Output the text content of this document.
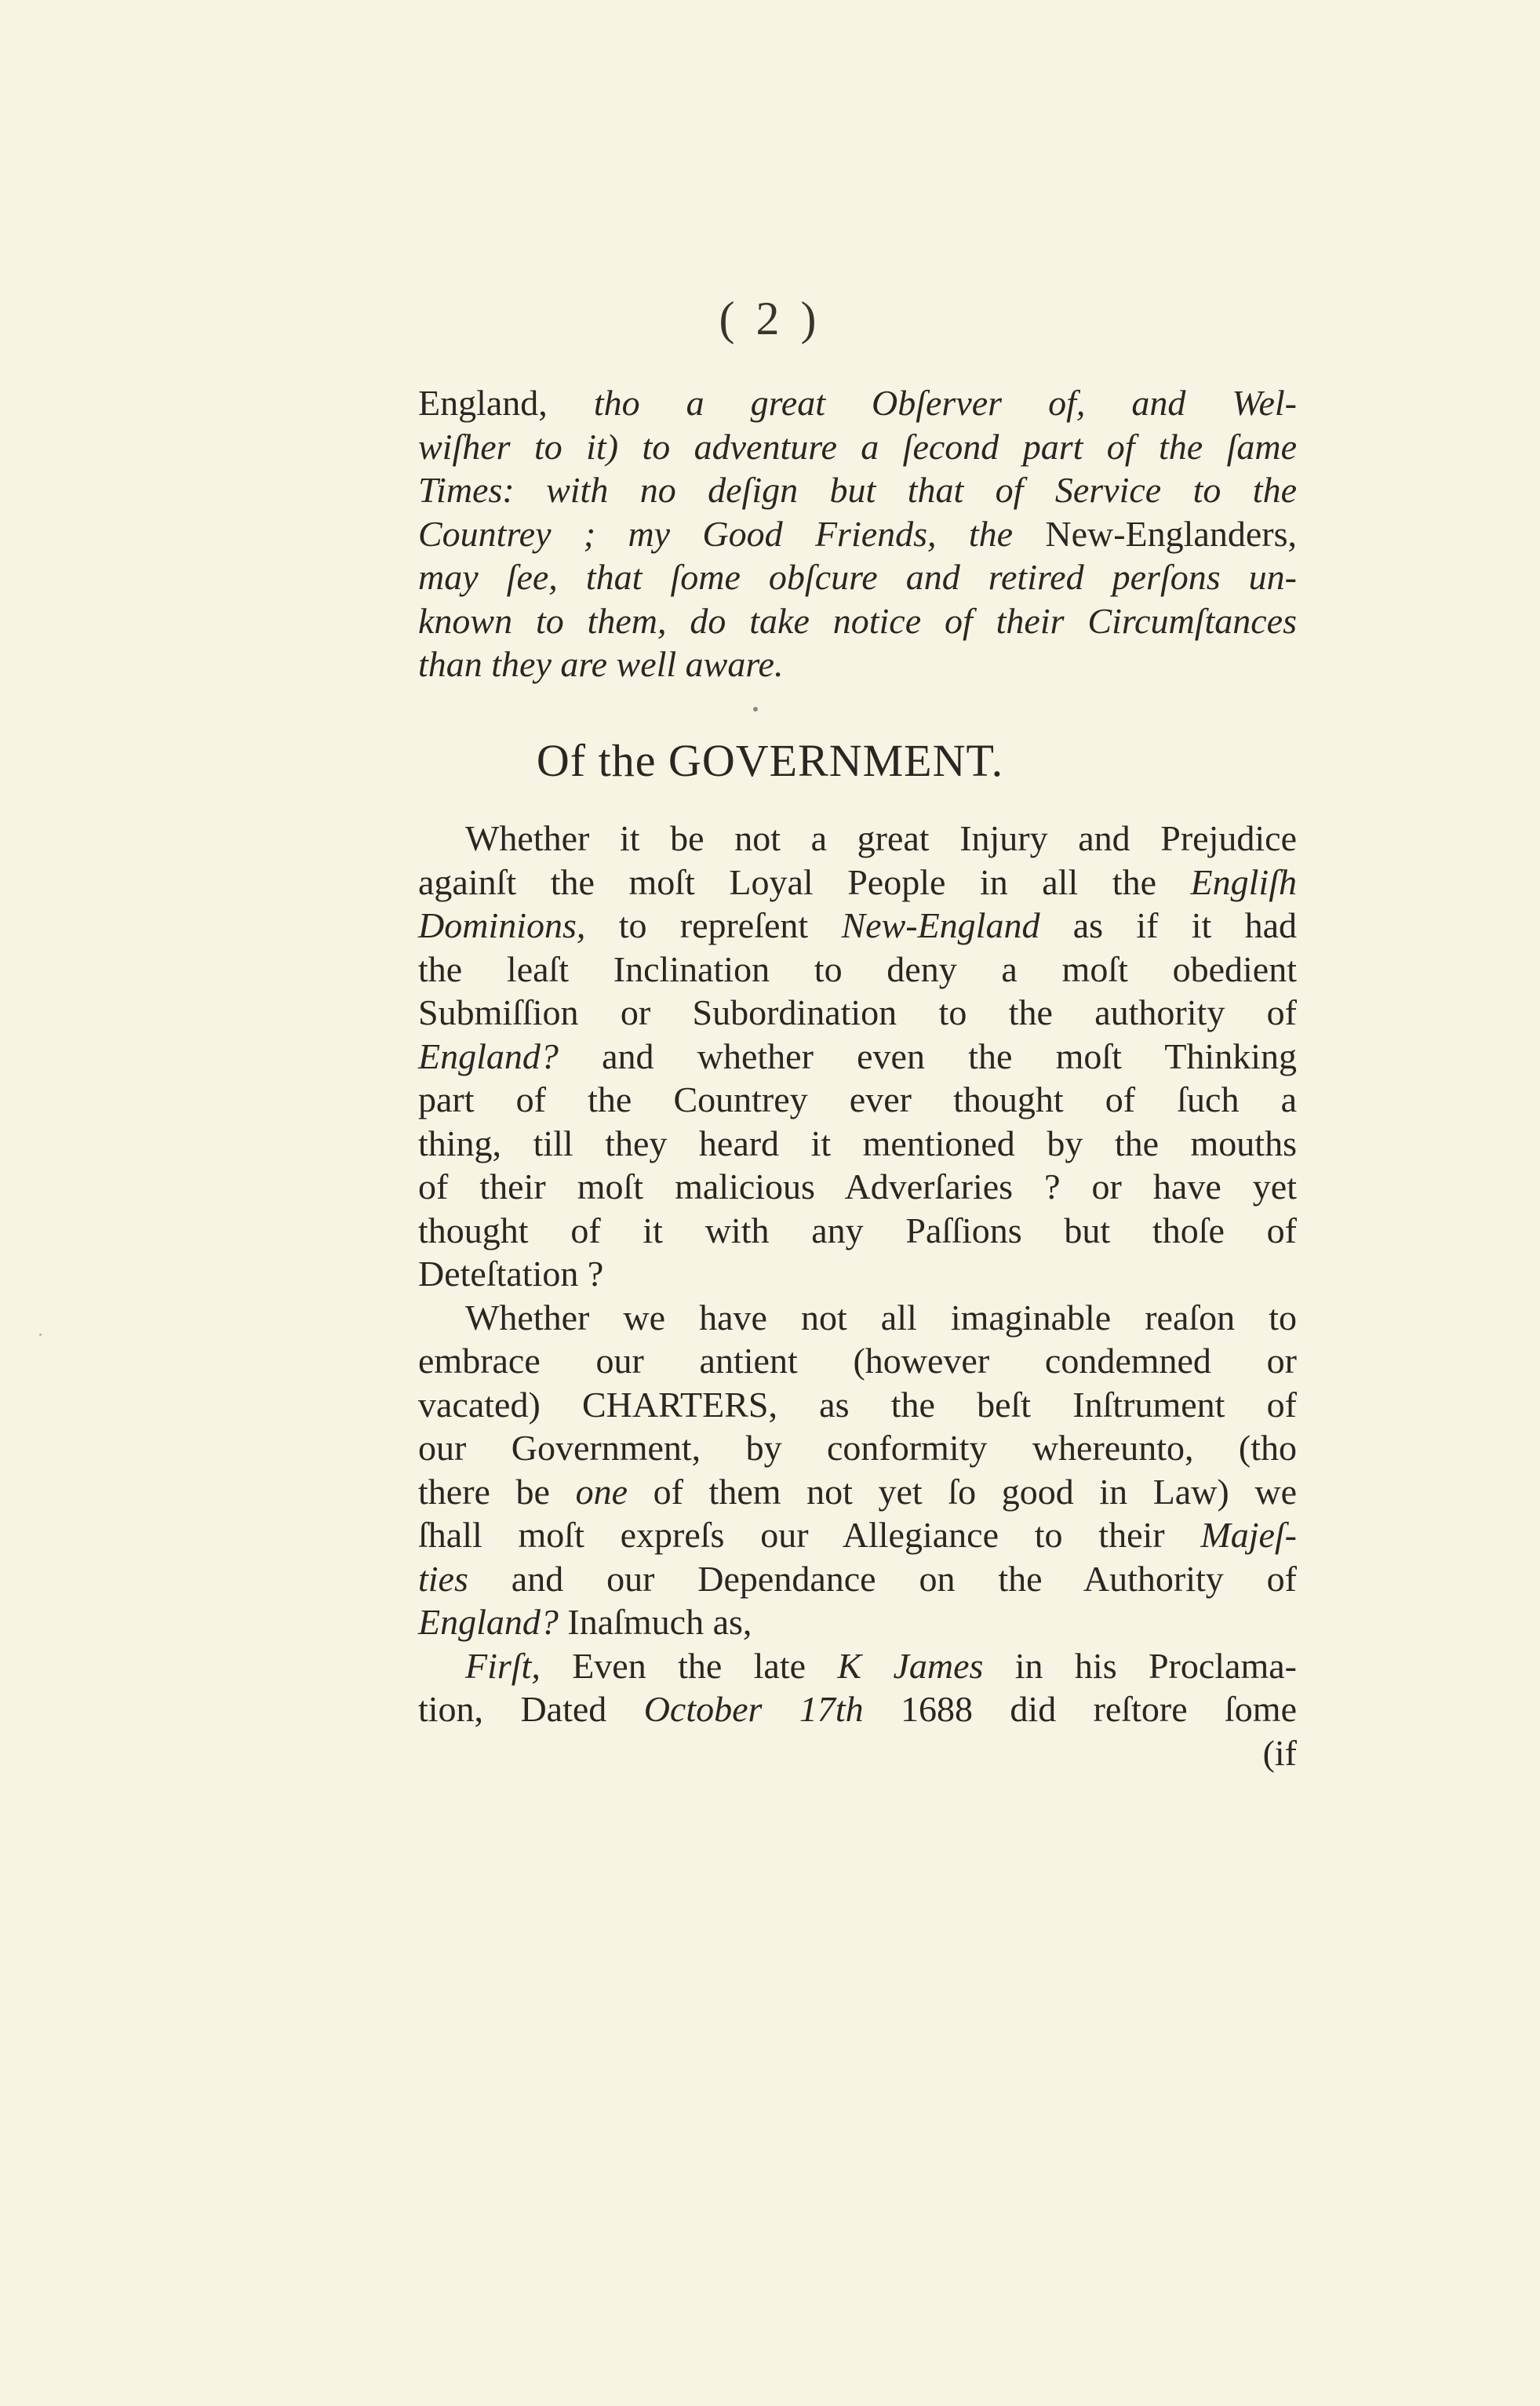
( 2 )
England, tho a great Obſerver of, and Wel-
wiſher to it) to adventure a ſecond part of the ſame
Times: with no deſign but that of Service to the
Countrey ; my Good Friends, the New-Englanders,
may ſee, that ſome obſcure and retired perſons un-
known to them, do take notice of their Circumſtances
than they are well aware.
Of the GOVERNMENT.
Whether it be not a great Injury and Prejudice
againſt the moſt Loyal People in all the Engliſh
Dominions, to repreſent New-England as if it had
the leaſt Inclination to deny a moſt obedient
Submiſſion or Subordination to the authority of
England? and whether even the moſt Thinking
part of the Countrey ever thought of ſuch a
thing, till they heard it mentioned by the mouths
of their moſt malicious Adverſaries ? or have yet
thought of it with any Paſſions but thoſe of
Deteſtation ?
Whether we have not all imaginable reaſon to
embrace our antient (however condemned or
vacated) CHARTERS, as the beſt Inſtrument of
our Government, by conformity whereunto, (tho
there be one of them not yet ſo good in Law) we
ſhall moſt expreſs our Allegiance to their Majeſ-
ties and our Dependance on the Authority of
England? Inaſmuch as,
Firſt, Even the late K James in his Proclama-
tion, Dated October 17th 1688 did reſtore ſome
(if
